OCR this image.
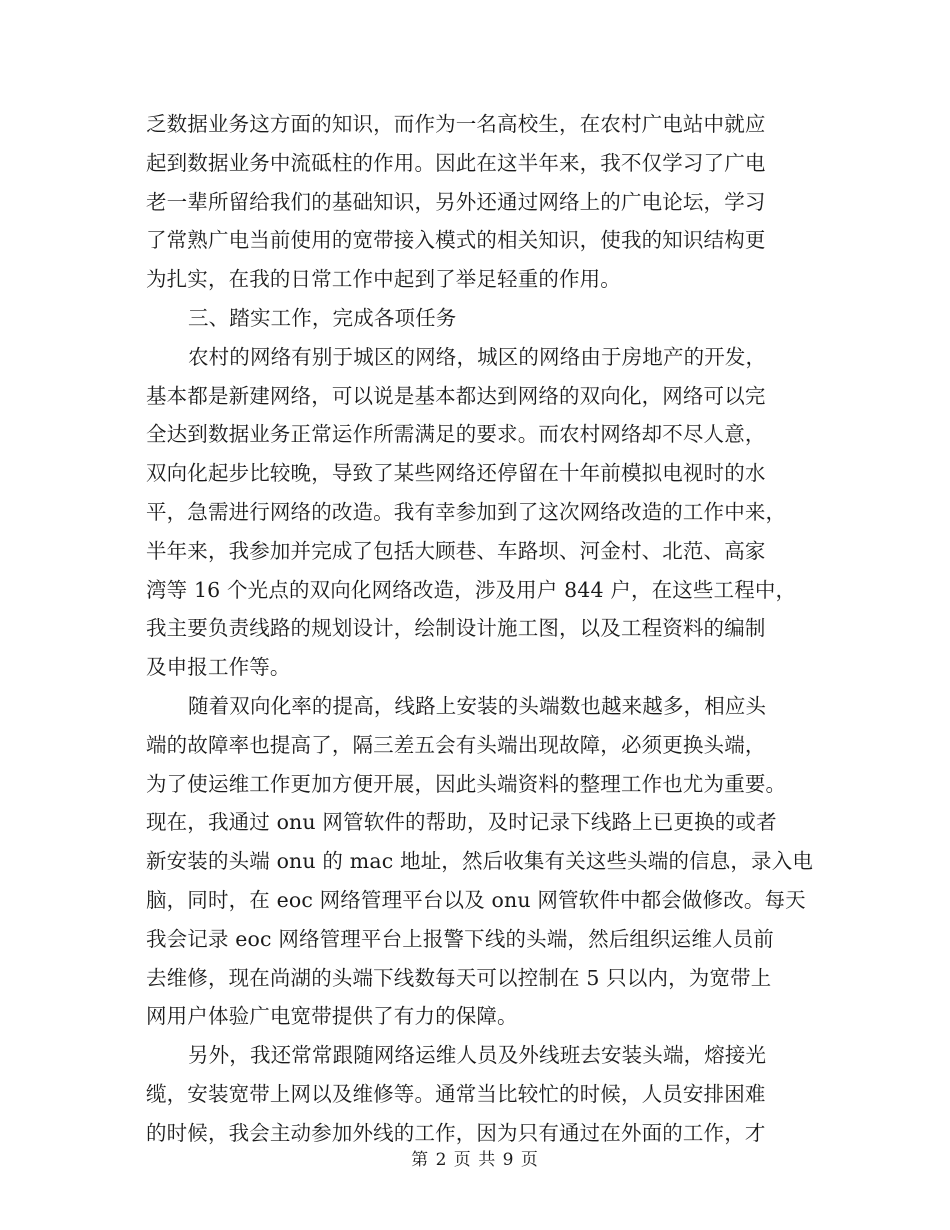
乏数据业务这方面的知识，而作为一名高校生，在农村广电站中就应
起到数据业务中流砥柱的作用。因此在这半年来，我不仅学习了广电
老一辈所留给我们的基础知识，另外还通过网络上的广电论坛，学习
了常熟广电当前使用的宽带接入模式的相关知识，使我的知识结构更
为扎实，在我的日常工作中起到了举足轻重的作用。
三、踏实工作，完成各项任务
农村的网络有别于城区的网络，城区的网络由于房地产的开发，
基本都是新建网络，可以说是基本都达到网络的双向化，网络可以完
全达到数据业务正常运作所需满足的要求。而农村网络却不尽人意，
双向化起步比较晚，导致了某些网络还停留在十年前模拟电视时的水
平，急需进行网络的改造。我有幸参加到了这次网络改造的工作中来，
半年来，我参加并完成了包括大顾巷、车路坝、河金村、北范、高家
湾等 16 个光点的双向化网络改造，涉及用户 844 户，在这些工程中，
我主要负责线路的规划设计，绘制设计施工图，以及工程资料的编制
及申报工作等。
随着双向化率的提高，线路上安装的头端数也越来越多，相应头
端的故障率也提高了，隔三差五会有头端出现故障，必须更换头端，
为了使运维工作更加方便开展，因此头端资料的整理工作也尤为重要。
现在，我通过 onu 网管软件的帮助，及时记录下线路上已更换的或者
新安装的头端 onu 的 mac 地址，然后收集有关这些头端的信息，录入电
脑，同时，在 eoc 网络管理平台以及 onu 网管软件中都会做修改。每天
我会记录 eoc 网络管理平台上报警下线的头端，然后组织运维人员前
去维修，现在尚湖的头端下线数每天可以控制在 5 只以内，为宽带上
网用户体验广电宽带提供了有力的保障。
另外，我还常常跟随网络运维人员及外线班去安装头端，熔接光
缆，安装宽带上网以及维修等。通常当比较忙的时候，人员安排困难
的时候，我会主动参加外线的工作，因为只有通过在外面的工作，才
第 2 页 共 9 页
